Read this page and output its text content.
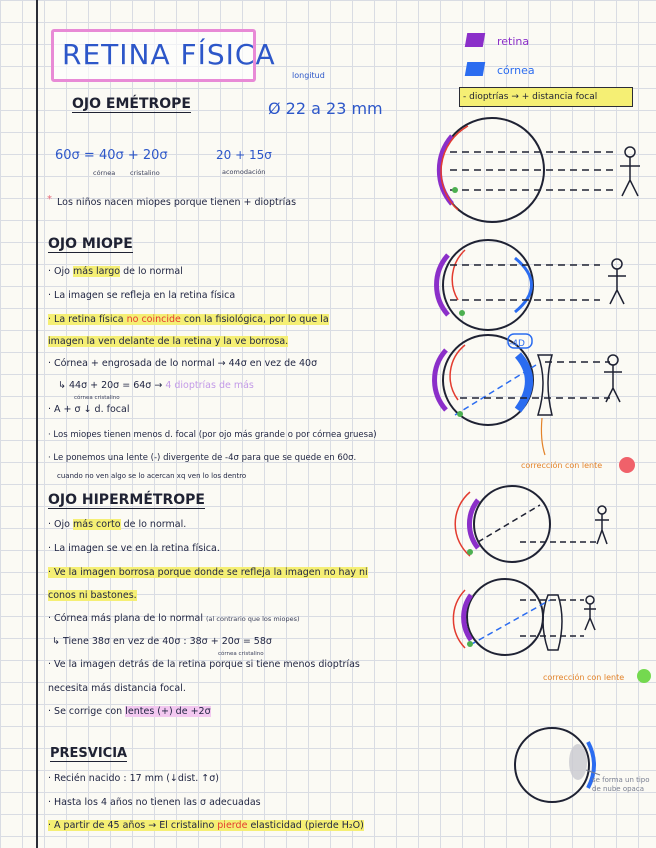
RETINA FÍSICA	retina
córnea
- dioptrías → + distancia focal
OJO EMÉTROPE
longitud
Ø 22 a 23 mm
60σ = 40σ + 20σ
córnea cristalino
20 + 15σ
acomodación
* Los niños nacen miopes porque tienen + dioptrías
OJO MIOPE
· Ojo más largo de lo normal
· La imagen se refleja en la retina física
· La retina física no coincide con la fisiológica, por lo que la
imagen la ven delante de la retina y la ve borrosa.
· Córnea + engrosada de lo normal → 44σ en vez de 40σ
↳ 44σ + 20σ = 64σ → 4 dioptrías de más
córnea cristalino
· A + σ ↓ d. focal
· Los miopes tienen menos d. focal (por ojo más grande o por córnea gruesa)
· Le ponemos una lente (-) divergente de -4σ para que se quede en 60σ.
cuando no ven algo se lo acercan xq ven lo los dentro
OJO HIPERMÉTROPE
· Ojo más corto de lo normal.
· La imagen se ve en la retina física.
· Ve la imagen borrosa porque donde se refleja la imagen no hay ni
conos ni bastones.
· Córnea más plana de lo normal (al contrario que los miopes)
↳ Tiene 38σ en vez de 40σ : 38σ + 20σ = 58σ
córnea cristalino
· Ve la imagen detrás de la retina porque si tiene menos dioptrías
necesita más distancia focal.
· Se corrige con lentes (+) de +2σ
PRESVICIA
· Recién nacido : 17 mm (↓dist. ↑σ)
· Hasta los 4 años no tienen las σ adecuadas
· A partir de 45 años → El cristalino pierde elasticidad (pierde H₂O)
-4D
corrección con lente
corrección con lente
se forma un tipo de nube opaca
